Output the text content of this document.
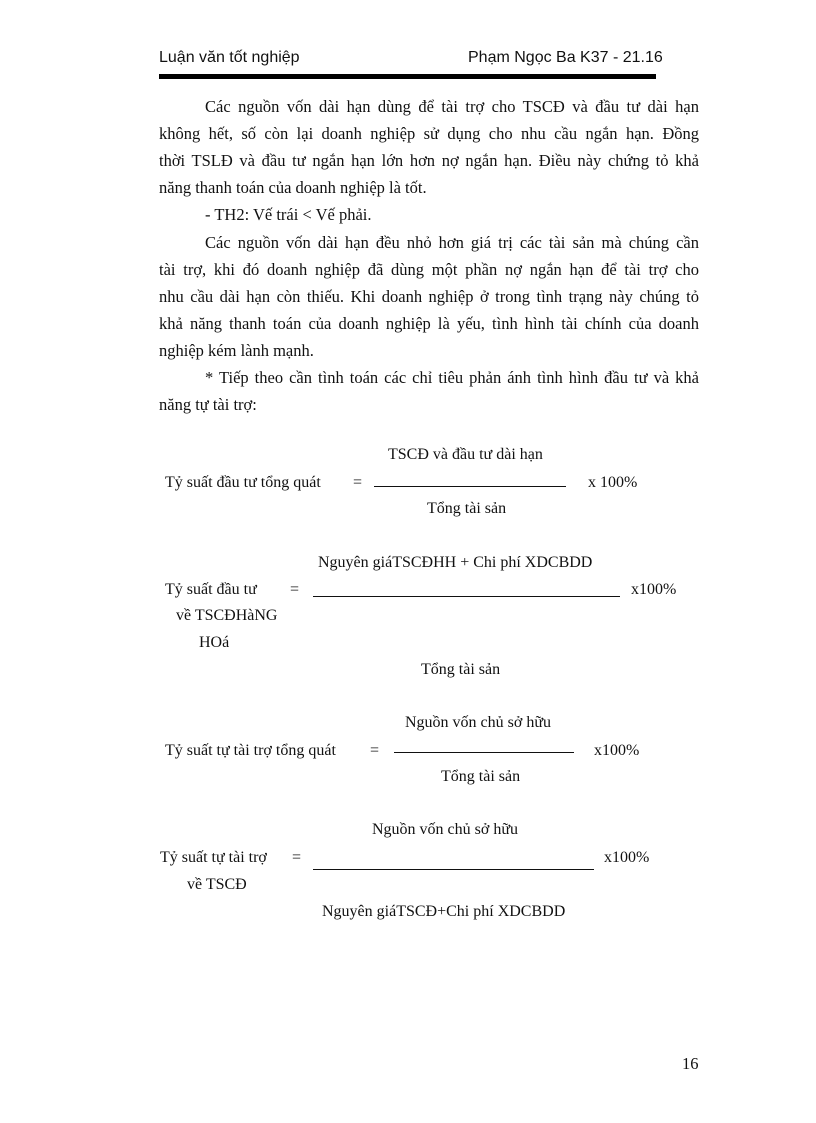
Luận văn tốt nghiệp	Phạm Ngọc Ba K37 - 21.16
Các nguồn vốn dài hạn dùng để tài trợ cho TSCĐ và đầu tư dài hạn
không hết, số còn lại doanh nghiệp sử dụng cho nhu cầu ngắn hạn. Đồng
thời TSLĐ và đầu tư ngắn hạn lớn hơn nợ ngắn hạn. Điều này chứng tỏ khả
năng thanh toán của doanh nghiệp là tốt.
- TH2: Vế trái < Vế phải.
Các nguồn vốn dài hạn đều nhỏ hơn giá trị các tài sản mà chúng cần
tài trợ, khi đó doanh nghiệp đã dùng một phần nợ ngắn hạn để tài trợ cho
nhu cầu dài hạn còn thiếu. Khi doanh nghiệp ở trong tình trạng này chúng tỏ
khả năng thanh toán của doanh nghiệp là yếu, tình hình tài chính của doanh
nghiệp kém lành mạnh.
* Tiếp theo cần tình toán các chỉ tiêu phản ánh tình hình đầu tư và khả
năng tự tài trợ:
TSCĐ và đầu tư dài hạn
Tỷ suất đầu tư tổng quát =	x 100%
Tổng tài sản
Nguyên giáTSCĐHH + Chi phí XDCBDD
Tỷ suất đầu tư =	x100%
về TSCĐHàNG
HOá
Tổng tài sản
Nguồn vốn chủ sở hữu
Tỷ suất tự tài trợ tổng quát =	x100%
Tổng tài sản
Nguồn vốn chủ sở hữu
Tỷ suất tự tài trợ =	x100%
về TSCĐ
Nguyên giáTSCĐ+Chi phí XDCBDD
16
